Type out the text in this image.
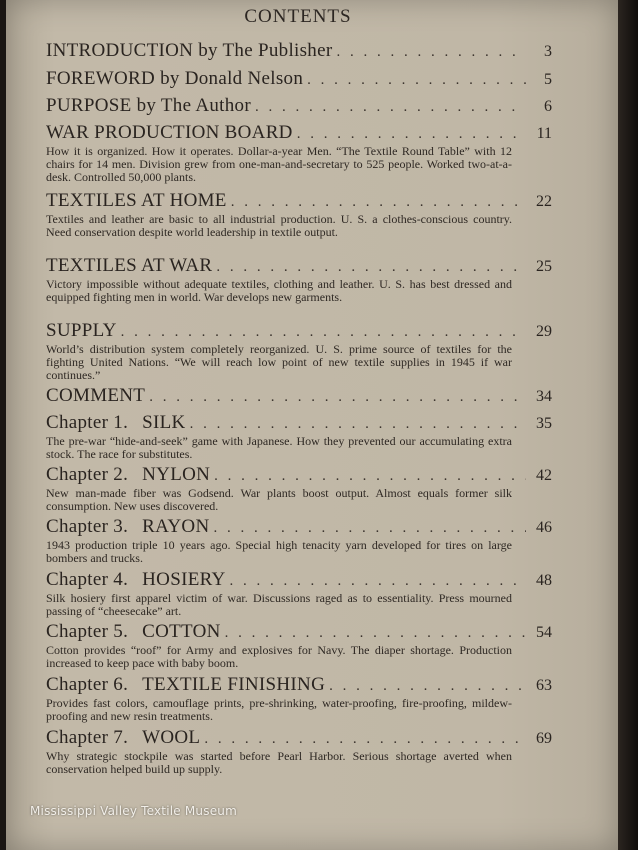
CONTENTS
INTRODUCTION by The Publisher . . .	3
FOREWORD by Donald Nelson . . .	5
PURPOSE by The Author . . .	6
WAR PRODUCTION BOARD . . .	11
How it is organized. How it operates. Dollar-a-year Men. “The Textile Round Table” with 12 chairs for 14 men. Division grew from one-man-and-secretary to 525 people. Worked two-at-a-desk. Controlled 50,000 plants.
TEXTILES AT HOME . . .	22
Textiles and leather are basic to all industrial production. U. S. a clothes-conscious country. Need conservation despite world leadership in textile output.
TEXTILES AT WAR . . .	25
Victory impossible without adequate textiles, clothing and leather. U. S. has best dressed and equipped fighting men in world. War develops new garments.
SUPPLY . . .	29
World’s distribution system completely reorganized. U. S. prime source of textiles for the fighting United Nations. “We will reach low point of new textile supplies in 1945 if war continues.”
COMMENT . . .	34
Chapter 1. SILK . . .	35
The pre-war “hide-and-seek” game with Japanese. How they prevented our accumulating extra stock. The race for substitutes.
Chapter 2. NYLON . . .	42
New man-made fiber was Godsend. War plants boost output. Almost equals former silk consumption. New uses discovered.
Chapter 3. RAYON . . .	46
1943 production triple 10 years ago. Special high tenacity yarn developed for tires on large bombers and trucks.
Chapter 4. HOSIERY . . .	48
Silk hosiery first apparel victim of war. Discussions raged as to essentiality. Press mourned passing of “cheesecake” art.
Chapter 5. COTTON . . .	54
Cotton provides “roof” for Army and explosives for Navy. The diaper shortage. Production increased to keep pace with baby boom.
Chapter 6. TEXTILE FINISHING . . .	63
Provides fast colors, camouflage prints, pre-shrinking, water-proofing, fire-proofing, mildew-proofing and new resin treatments.
Chapter 7. WOOL . . .	69
Why strategic stockpile was started before Pearl Harbor. Serious shortage averted when conservation helped build up supply.
Mississippi Valley Textile Museum
